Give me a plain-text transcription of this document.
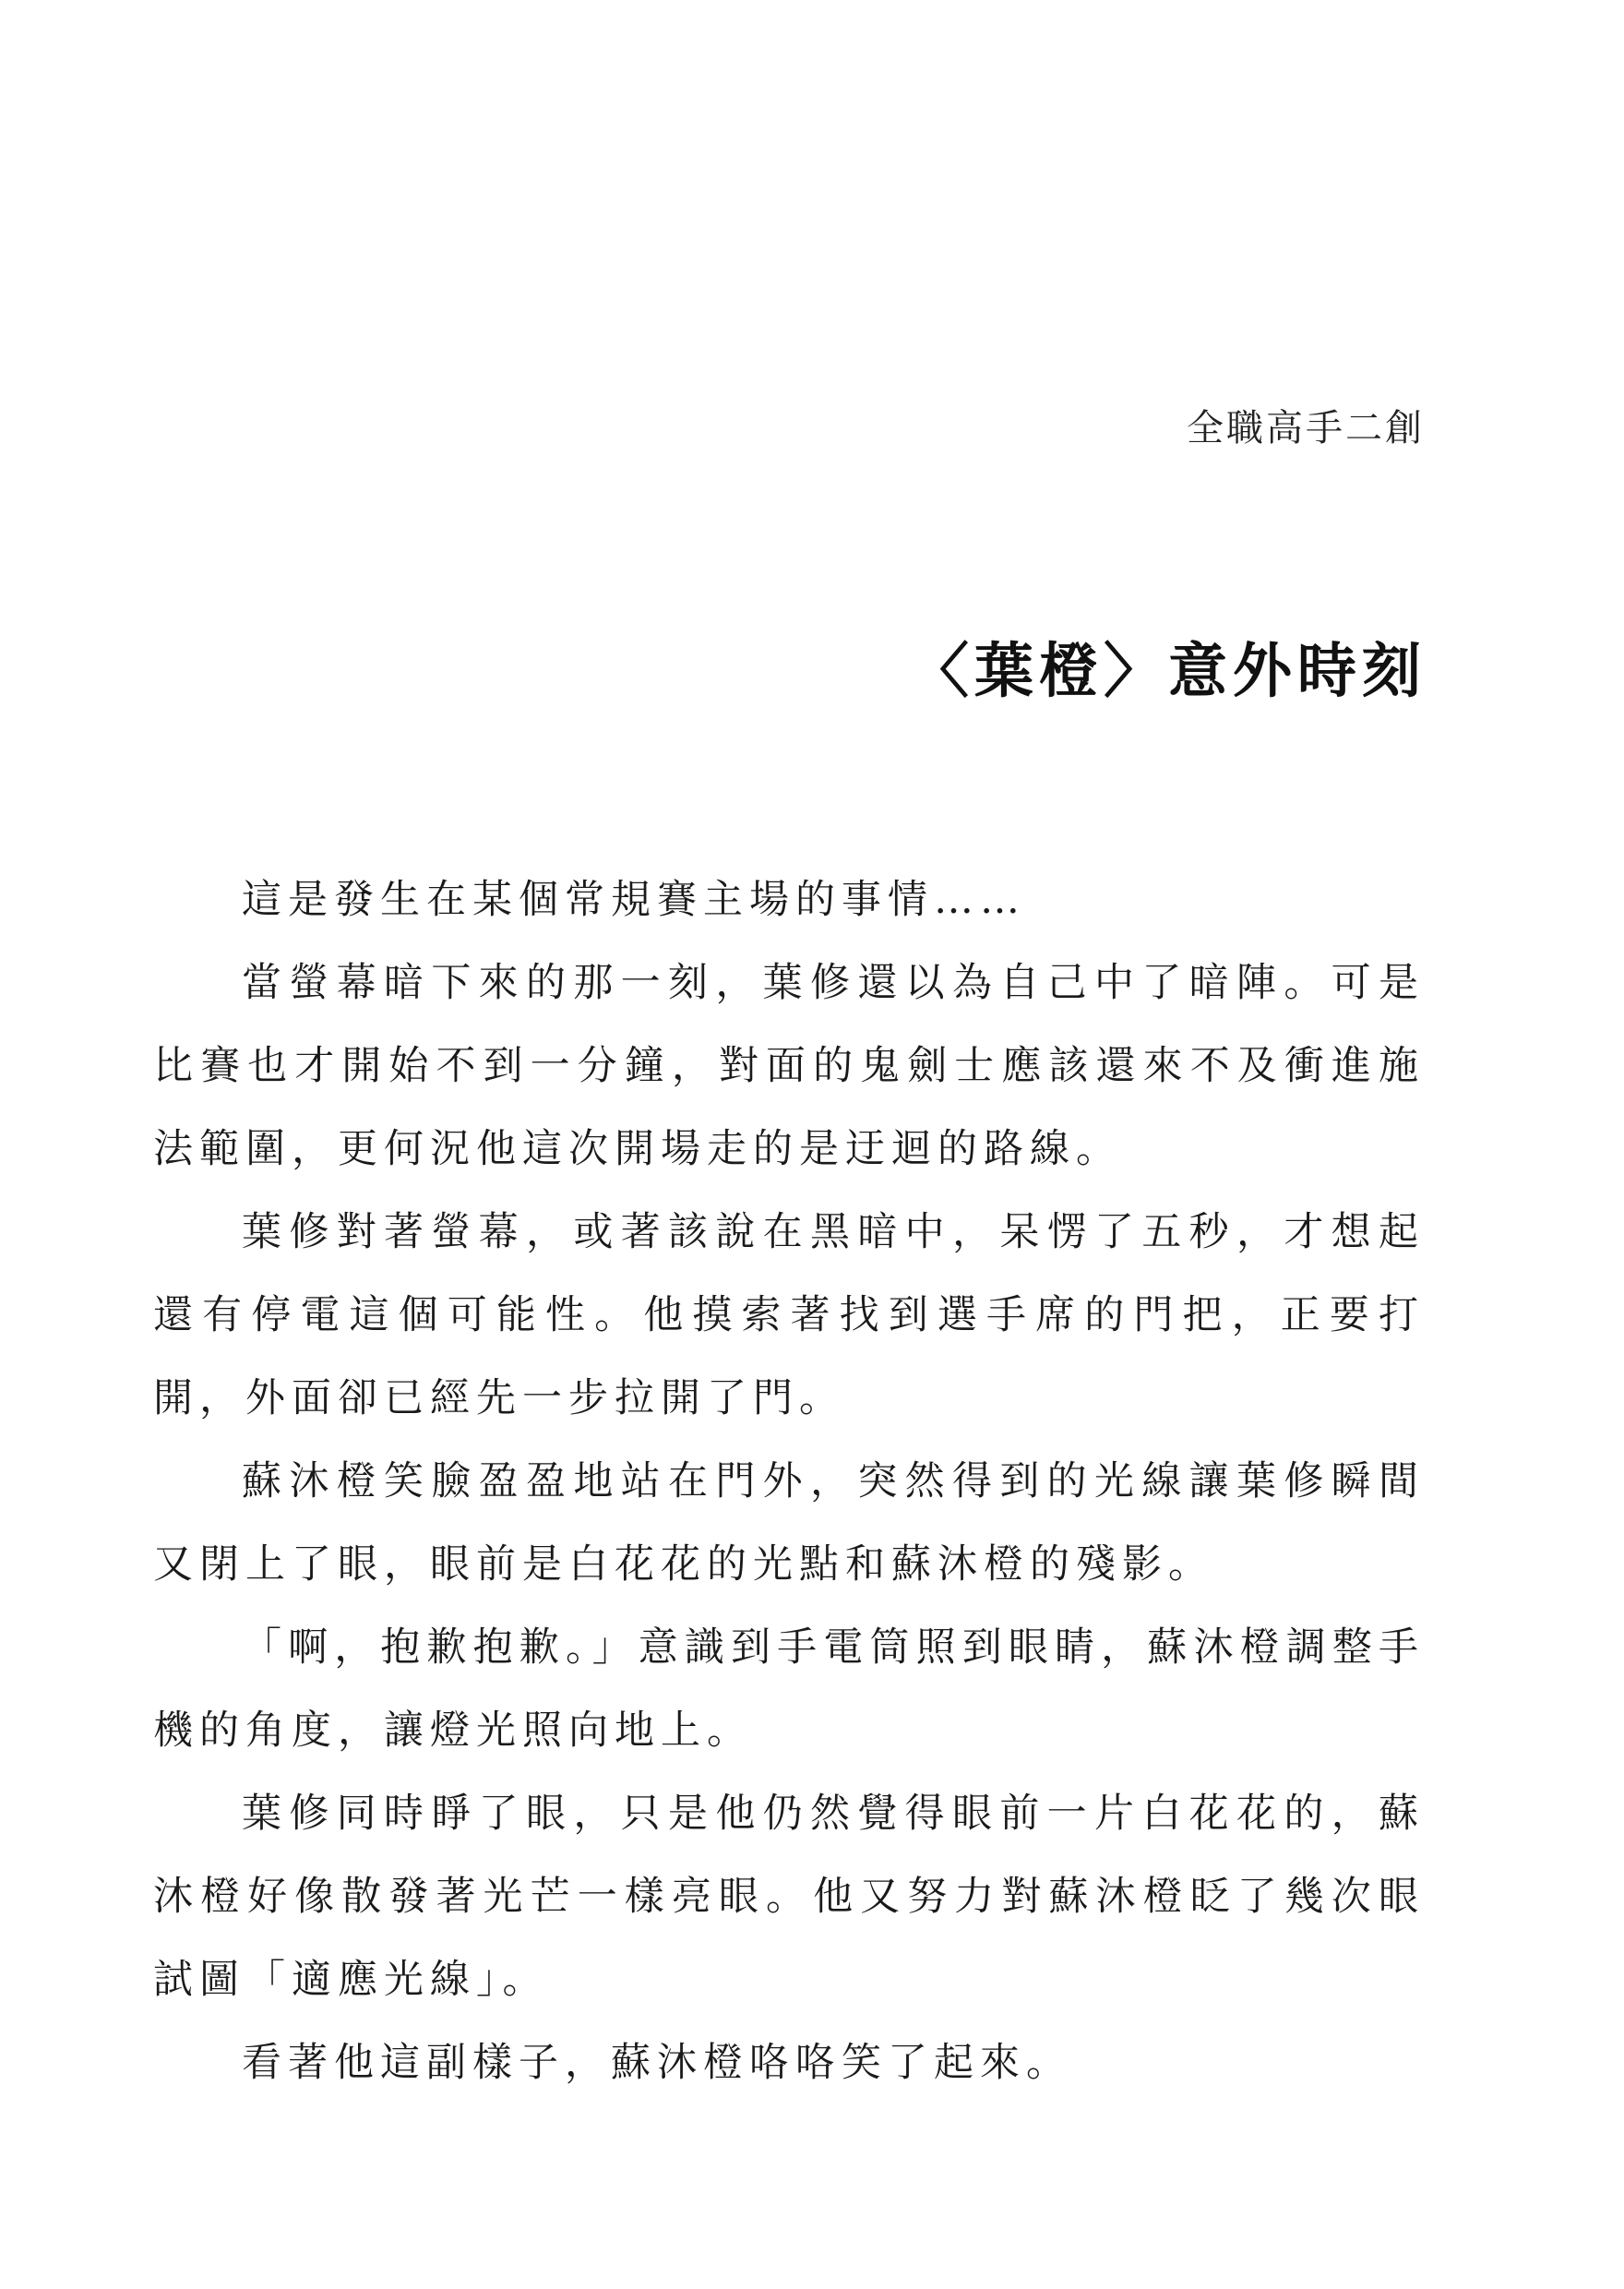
全職高手二創
〈葉橙〉意外時刻

這是發生在某個常規賽主場的事情……

當螢幕暗下來的那一刻，葉修還以為自己中了暗陣。可是比賽也才開始不到一分鐘，對面的鬼劍士應該還來不及衝進施法範圍，更何況他這次開場走的是迂迴的路線。

葉修對著螢幕，或著該說在黑暗中，呆愣了五秒，才想起還有停電這個可能性。他摸索著找到選手席的門把，正要打開，外面卻已經先一步拉開了門。

蘇沐橙笑臉盈盈地站在門外，突然得到的光線讓葉修瞬間又閉上了眼，眼前是白花花的光點和蘇沐橙的殘影。

「啊，抱歉抱歉。」意識到手電筒照到眼睛，蘇沐橙調整手機的角度，讓燈光照向地上。

葉修同時睜了眼，只是他仍然覺得眼前一片白花花的，蘇沐橙好像散發著光芒一樣亮眼。他又努力對蘇沐橙眨了幾次眼試圖「適應光線」。

看著他這副樣子，蘇沐橙咯咯笑了起來。
